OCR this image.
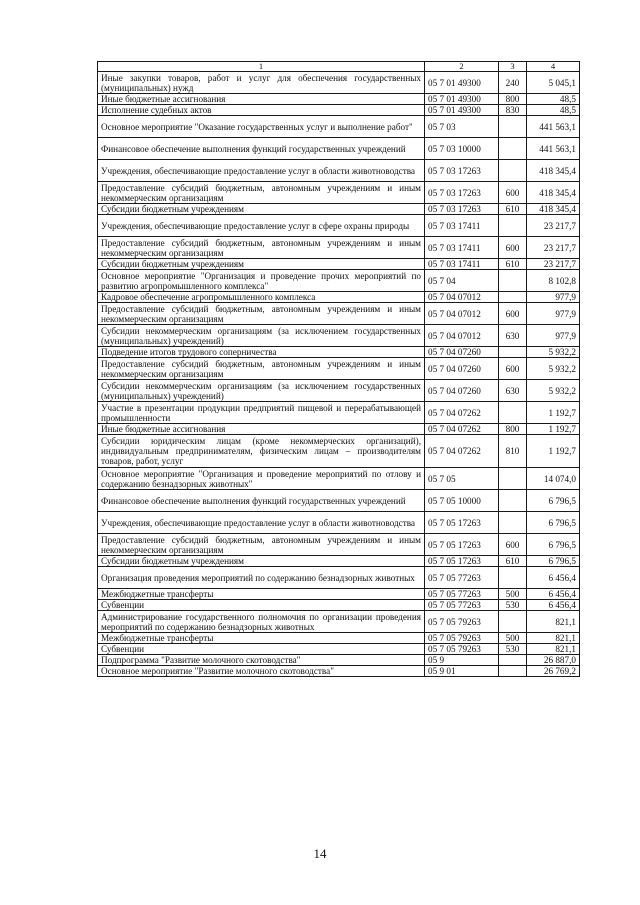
1	2	3	4
Иные закупки товаров, работ и услуг для обеспечения государственных (муниципальных) нужд	05 7 01 49300	240	5 045,1
Иные бюджетные ассигнования	05 7 01 49300	800	48,5
Исполнение судебных актов	05 7 01 49300	830	48,5
Основное мероприятие "Оказание государственных услуг и выполнение работ"	05 7 03		441 563,1
Финансовое обеспечение выполнения функций государственных учреждений	05 7 03 10000		441 563,1
Учреждения, обеспечивающие предоставление услуг в области животноводства	05 7 03 17263		418 345,4
Предоставление субсидий бюджетным, автономным учреждениям и иным некоммерческим организациям	05 7 03 17263	600	418 345,4
Субсидии бюджетным учреждениям	05 7 03 17263	610	418 345,4
Учреждения, обеспечивающие предоставление услуг в сфере охраны природы	05 7 03 17411		23 217,7
Предоставление субсидий бюджетным, автономным учреждениям и иным некоммерческим организациям	05 7 03 17411	600	23 217,7
Субсидии бюджетным учреждениям	05 7 03 17411	610	23 217,7
Основное мероприятие "Организация и проведение прочих мероприятий по развитию агропромышленного комплекса"	05 7 04		8 102,8
Кадровое обеспечение агропромышленного комплекса	05 7 04 07012		977,9
Предоставление субсидий бюджетным, автономным учреждениям и иным некоммерческим организациям	05 7 04 07012	600	977,9
Субсидии некоммерческим организациям (за исключением государственных (муниципальных) учреждений)	05 7 04 07012	630	977,9
Подведение итогов трудового соперничества	05 7 04 07260		5 932,2
Предоставление субсидий бюджетным, автономным учреждениям и иным некоммерческим организациям	05 7 04 07260	600	5 932,2
Субсидии некоммерческим организациям (за исключением государственных (муниципальных) учреждений)	05 7 04 07260	630	5 932,2
Участие в презентации продукции предприятий пищевой и перерабатывающей промышленности	05 7 04 07262		1 192,7
Иные бюджетные ассигнования	05 7 04 07262	800	1 192,7
Субсидии юридическим лицам (кроме некоммерческих организаций), индивидуальным предпринимателям, физическим лицам – производителям товаров, работ, услуг	05 7 04 07262	810	1 192,7
Основное мероприятие "Организация и проведение мероприятий по отлову и содержанию безнадзорных животных"	05 7 05		14 074,0
Финансовое обеспечение выполнения функций государственных учреждений	05 7 05 10000		6 796,5
Учреждения, обеспечивающие предоставление услуг в области животноводства	05 7 05 17263		6 796,5
Предоставление субсидий бюджетным, автономным учреждениям и иным некоммерческим организациям	05 7 05 17263	600	6 796,5
Субсидии бюджетным учреждениям	05 7 05 17263	610	6 796,5
Организация проведения мероприятий по содержанию безнадзорных животных	05 7 05 77263		6 456,4
Межбюджетные трансферты	05 7 05 77263	500	6 456,4
Субвенции	05 7 05 77263	530	6 456,4
Администрирование государственного полномочия по организации проведения мероприятий по содержанию безнадзорных животных	05 7 05 79263		821,1
Межбюджетные трансферты	05 7 05 79263	500	821,1
Субвенции	05 7 05 79263	530	821,1
Подпрограмма "Развитие молочного скотоводства"	05 9		26 887,0
Основное мероприятие "Развитие молочного скотоводства"	05 9 01		26 769,2
14
